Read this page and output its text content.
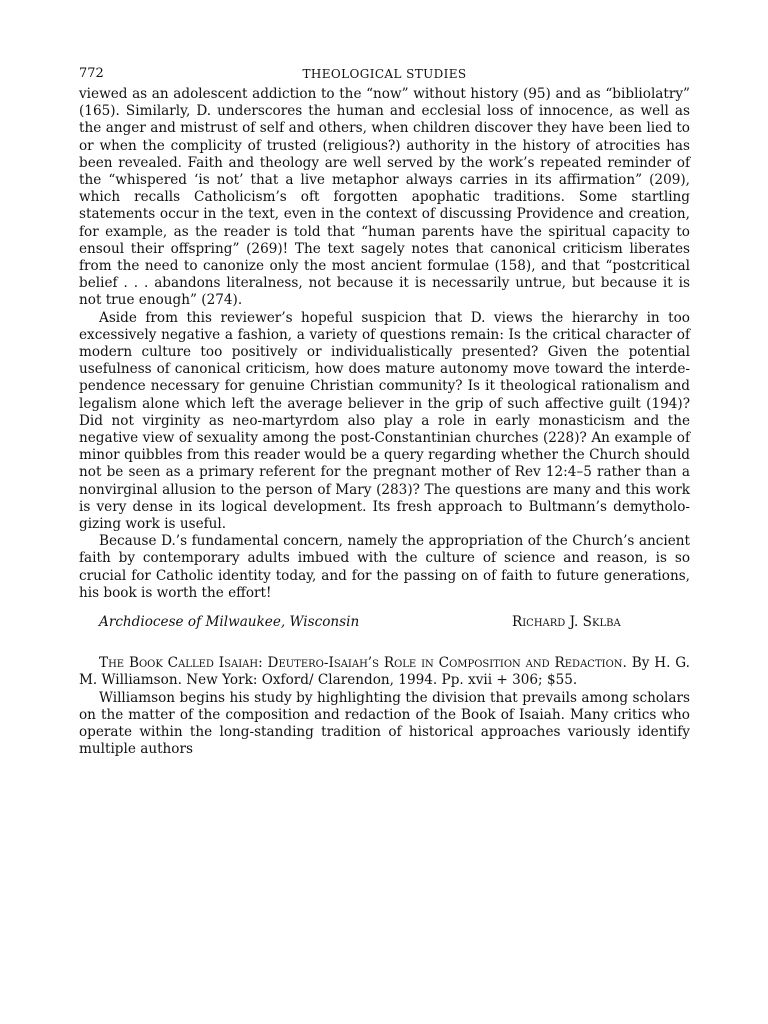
772	THEOLOGICAL STUDIES

viewed as an adolescent addiction to the “now” without history (95) and as “bibliolatry” (165). Similarly, D. underscores the human and ecclesial loss of innocence, as well as the anger and mistrust of self and others, when children discover they have been lied to or when the complicity of trusted (religious?) authority in the history of atrocities has been revealed. Faith and theology are well served by the work’s repeated reminder of the “whispered ‘is not’ that a live metaphor always carries in its affirmation” (209), which recalls Catholicism’s oft forgotten apophatic traditions. Some startling statements occur in the text, even in the context of discussing Providence and creation, for example, as the reader is told that “human parents have the spiritual capacity to ensoul their offspring” (269)! The text sagely notes that canonical criticism liberates from the need to canonize only the most ancient formulae (158), and that “postcritical belief . . . abandons literalness, not because it is necessarily untrue, but because it is not true enough” (274).

Aside from this reviewer’s hopeful suspicion that D. views the hierarchy in too excessively negative a fashion, a variety of questions remain: Is the critical character of modern culture too positively or individualistically presented? Given the potential usefulness of canonical criticism, how does mature autonomy move toward the interdependence necessary for genuine Christian community? Is it theological rationalism and legalism alone which left the average believer in the grip of such affective guilt (194)? Did not virginity as neo-martyrdom also play a role in early monasticism and the negative view of sexuality among the post-Constantinian churches (228)? An example of minor quibbles from this reader would be a query regarding whether the Church should not be seen as a primary referent for the pregnant mother of Rev 12:4–5 rather than a nonvirginal allusion to the person of Mary (283)? The questions are many and this work is very dense in its logical development. Its fresh approach to Bultmann’s demythologizing work is useful.

Because D.’s fundamental concern, namely the appropriation of the Church’s ancient faith by contemporary adults imbued with the culture of science and reason, is so crucial for Catholic identity today, and for the passing on of faith to future generations, his book is worth the effort!

Archdiocese of Milwaukee, Wisconsin	Richard J. Sklba
The Book Called Isaiah: Deutero-Isaiah’s Role in Composition and Redaction. By H. G. M. Williamson. New York: Oxford/ Clarendon, 1994. Pp. xvii + 306; $55.

Williamson begins his study by highlighting the division that prevails among scholars on the matter of the composition and redaction of the Book of Isaiah. Many critics who operate within the long-standing tradition of historical approaches variously identify multiple authors
